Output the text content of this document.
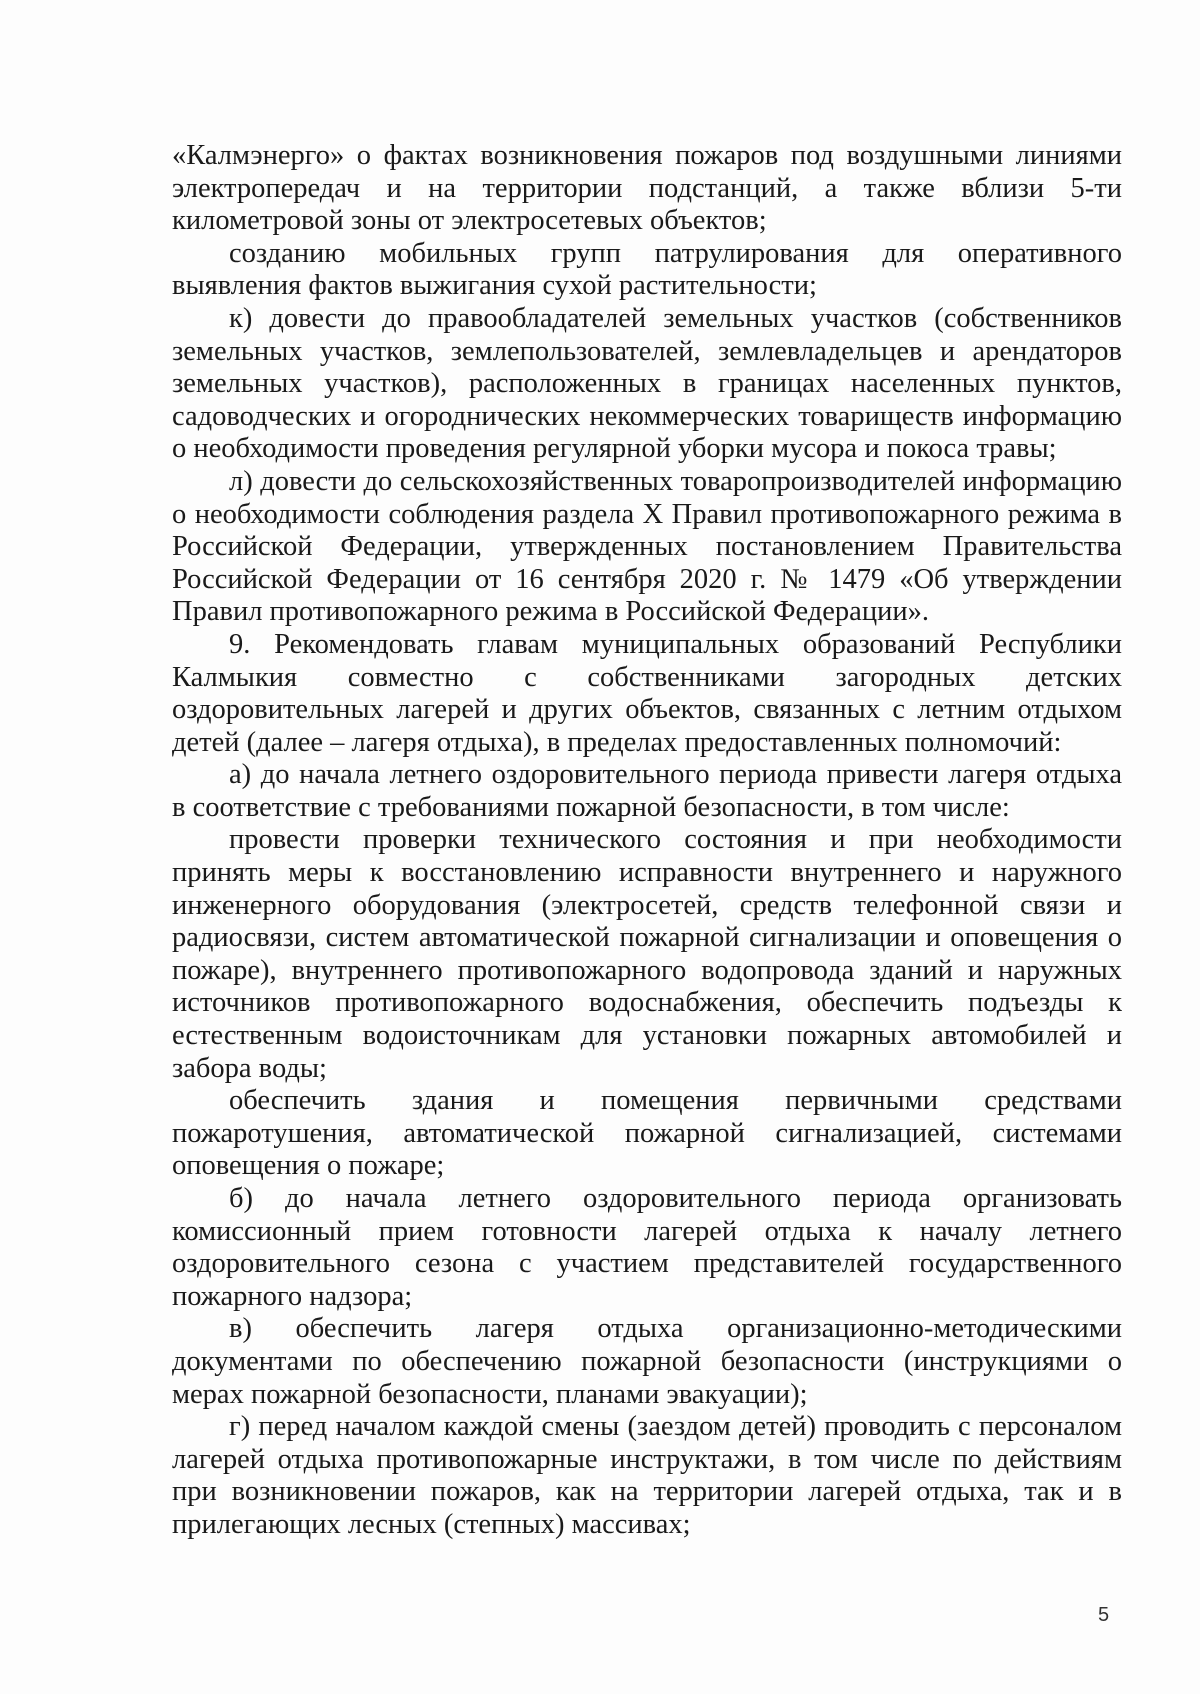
«Калмэнерго» о фактах возникновения пожаров под воздушными линиями электропередач и на территории подстанций, а также вблизи 5-ти километровой зоны от электросетевых объектов;

созданию мобильных групп патрулирования для оперативного выявления фактов выжигания сухой растительности;

к) довести до правообладателей земельных участков (собственников земельных участков, землепользователей, землевладельцев и арендаторов земельных участков), расположенных в границах населенных пунктов, садоводческих и огороднических некоммерческих товариществ информацию о необходимости проведения регулярной уборки мусора и покоса травы;

л) довести до сельскохозяйственных товаропроизводителей информацию о необходимости соблюдения раздела X Правил противопожарного режима в Российской Федерации, утвержденных постановлением Правительства Российской Федерации от 16 сентября 2020 г. № 1479 «Об утверждении Правил противопожарного режима в Российской Федерации».

9. Рекомендовать главам муниципальных образований Республики Калмыкия совместно с собственниками загородных детских оздоровительных лагерей и других объектов, связанных с летним отдыхом детей (далее – лагеря отдыха), в пределах предоставленных полномочий:

а) до начала летнего оздоровительного периода привести лагеря отдыха в соответствие с требованиями пожарной безопасности, в том числе:

провести проверки технического состояния и при необходимости принять меры к восстановлению исправности внутреннего и наружного инженерного оборудования (электросетей, средств телефонной связи и радиосвязи, систем автоматической пожарной сигнализации и оповещения о пожаре), внутреннего противопожарного водопровода зданий и наружных источников противопожарного водоснабжения, обеспечить подъезды к естественным водоисточникам для установки пожарных автомобилей и забора воды;

обеспечить здания и помещения первичными средствами пожаротушения, автоматической пожарной сигнализацией, системами оповещения о пожаре;

б) до начала летнего оздоровительного периода организовать комиссионный прием готовности лагерей отдыха к началу летнего оздоровительного сезона с участием представителей государственного пожарного надзора;

в) обеспечить лагеря отдыха организационно-методическими документами по обеспечению пожарной безопасности (инструкциями о мерах пожарной безопасности, планами эвакуации);

г) перед началом каждой смены (заездом детей) проводить с персоналом лагерей отдыха противопожарные инструктажи, в том числе по действиям при возникновении пожаров, как на территории лагерей отдыха, так и в прилегающих лесных (степных) массивах;

5
